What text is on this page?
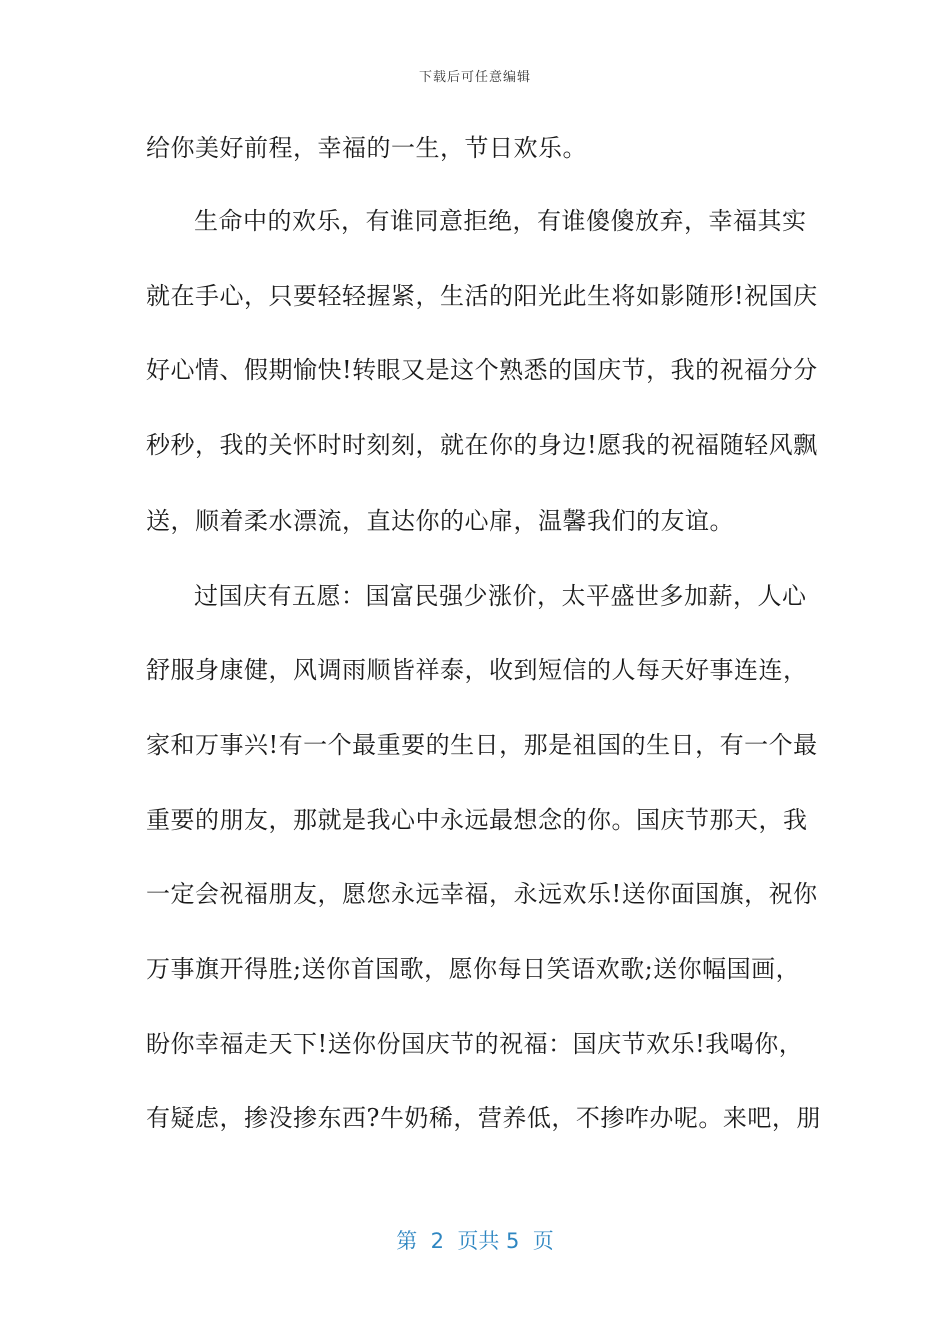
下载后可任意编辑
给你美好前程，幸福的一生，节日欢乐。
生命中的欢乐，有谁同意拒绝，有谁傻傻放弃，幸福其实
就在手心，只要轻轻握紧，生活的阳光此生将如影随形!祝国庆
好心情、假期愉快!转眼又是这个熟悉的国庆节，我的祝福分分
秒秒，我的关怀时时刻刻，就在你的身边!愿我的祝福随轻风飘
送，顺着柔水漂流，直达你的心扉，温馨我们的友谊。
过国庆有五愿：国富民强少涨价，太平盛世多加薪，人心
舒服身康健，风调雨顺皆祥泰，收到短信的人每天好事连连，
家和万事兴!有一个最重要的生日，那是祖国的生日，有一个最
重要的朋友，那就是我心中永远最想念的你。国庆节那天，我
一定会祝福朋友，愿您永远幸福，永远欢乐!送你面国旗，祝你
万事旗开得胜;送你首国歌，愿你每日笑语欢歌;送你幅国画，
盼你幸福走天下!送你份国庆节的祝福：国庆节欢乐!我喝你，
有疑虑，掺没掺东西?牛奶稀，营养低，不掺咋办呢。来吧，朋
第  2  页共 5  页
